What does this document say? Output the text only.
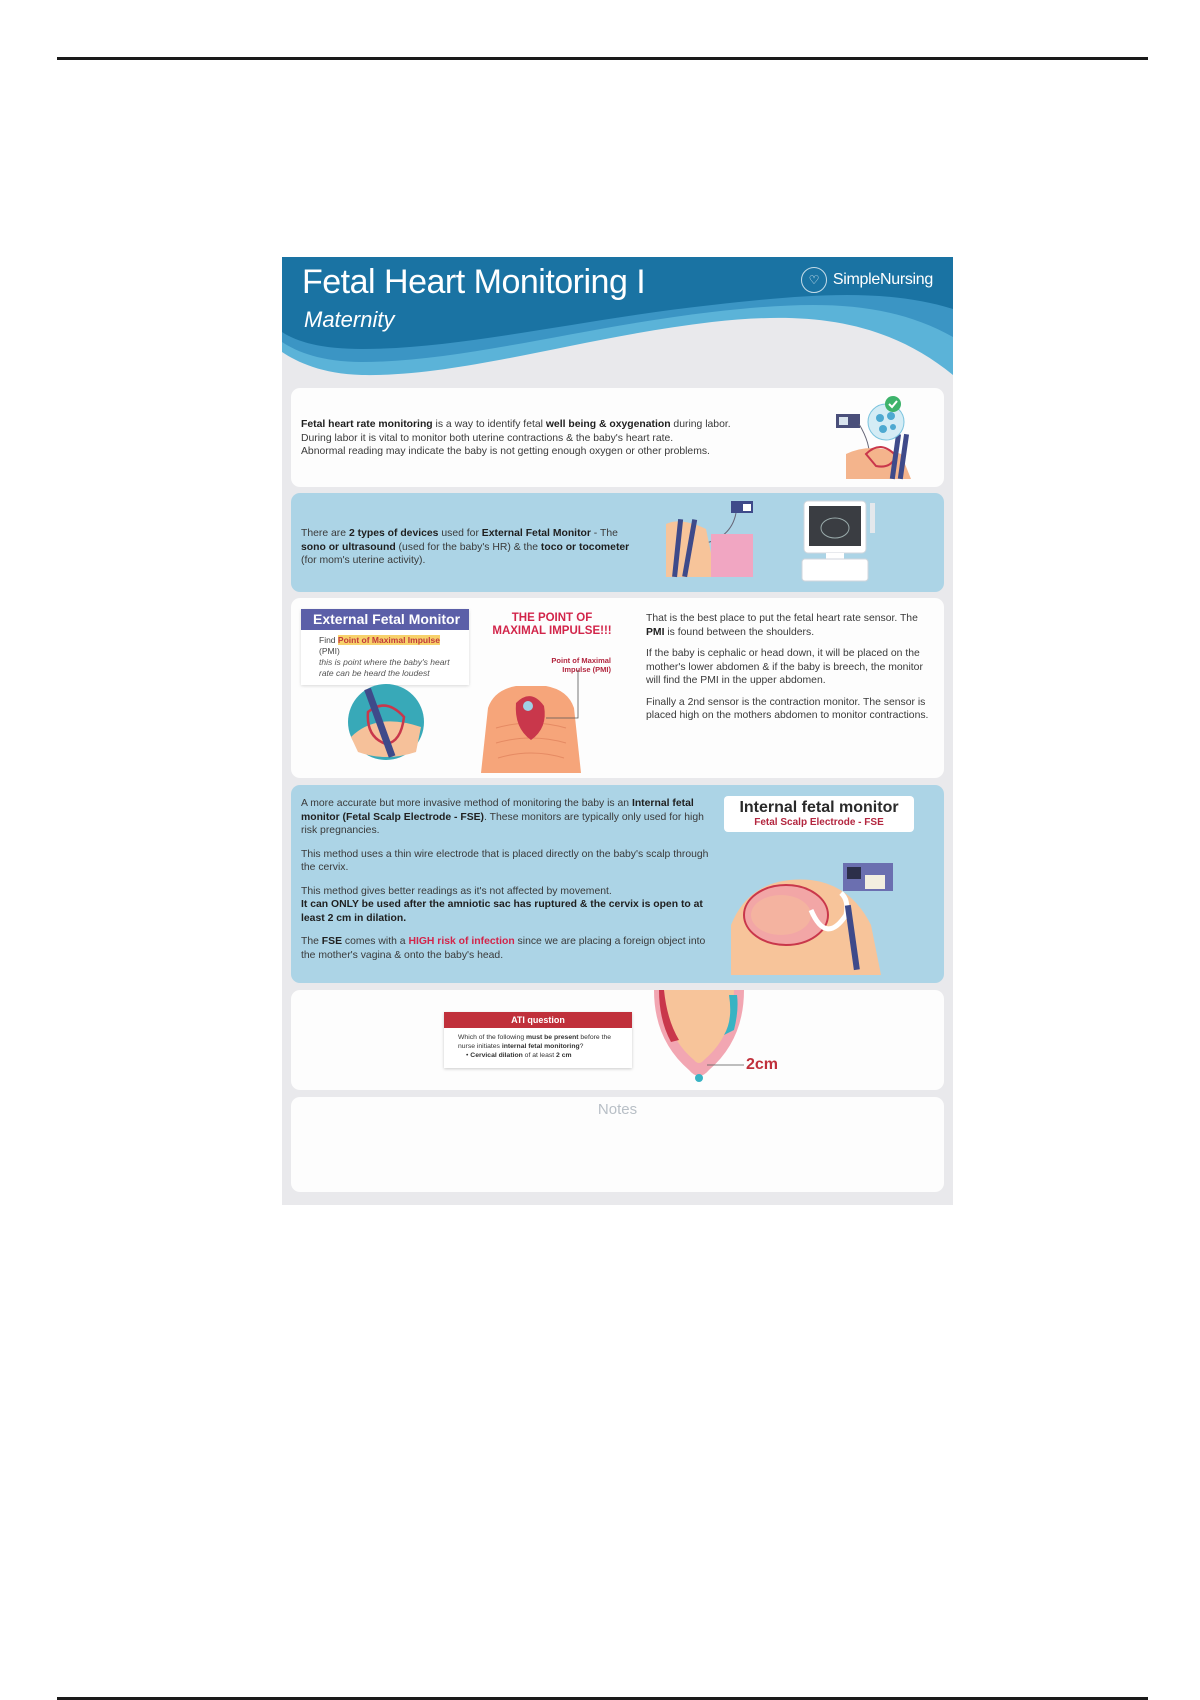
Fetal Heart Monitoring I
Maternity
♡ SimpleNursing
Fetal heart rate monitoring is a way to identify fetal well being & oxygenation during labor.
During labor it is vital to monitor both uterine contractions & the baby's heart rate.
Abnormal reading may indicate the baby is not getting enough oxygen or other problems.
There are 2 types of devices used for External Fetal Monitor - The sono or ultrasound (used for the baby's HR) & the toco or tocometer (for mom's uterine activity).
External Fetal Monitor
Find Point of Maximal Impulse (PMI)
this is point where the baby's heart rate can be heard the loudest
THE POINT OF MAXIMAL IMPULSE!!!
Point of Maximal Impulse (PMI)

That is the best place to put the fetal heart rate sensor. The PMI is found between the shoulders.

If the baby is cephalic or head down, it will be placed on the mother's lower abdomen & if the baby is breech, the monitor will find the PMI in the upper abdomen.

Finally a 2nd sensor is the contraction monitor. The sensor is placed high on the mothers abdomen to monitor contractions.

A more accurate but more invasive method of monitoring the baby is an Internal fetal monitor (Fetal Scalp Electrode - FSE). These monitors are typically only used for high risk pregnancies.

This method uses a thin wire electrode that is placed directly on the baby's scalp through the cervix.

This method gives better readings as it's not affected by movement.
It can ONLY be used after the amniotic sac has ruptured & the cervix is open to at least 2 cm in dilation.

The FSE comes with a HIGH risk of infection since we are placing a foreign object into the mother's vagina & onto the baby's head.

Internal fetal monitor
Fetal Scalp Electrode - FSE
ATI question
Which of the following must be present before the nurse initiates internal fetal monitoring?
• Cervical dilation of at least 2 cm
2cm
Notes
